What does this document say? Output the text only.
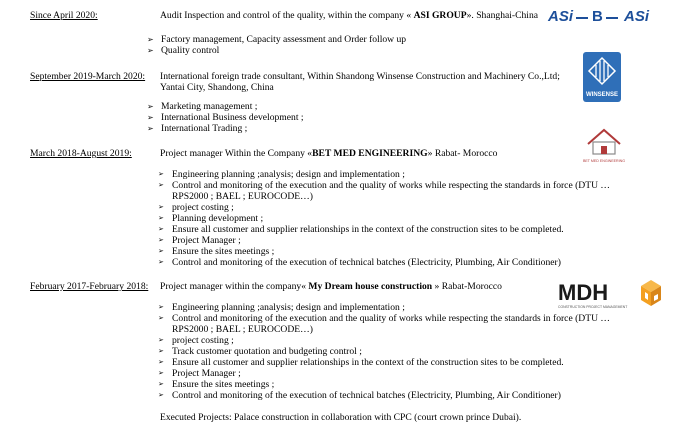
Since April 2020:	Audit Inspection and control of the quality, within the company « ASI GROUP». Shanghai-China
➢ Factory management, Capacity assessment and Order follow up
➢ Quality control
ASi B ASi
September 2019-March 2020: International foreign trade consultant, Within Shandong Winsense Construction and Machinery Co.,Ltd;
Yantai City, Shandong, China
➢ Marketing management ;
➢ International Business development ;
➢ International Trading ;
WINSENSE
March 2018-August 2019:	Project manager Within the Company «BET MED ENGINEERING» Rabat- Morocco
➢ Engineering planning ;analysis; design and implementation ;
➢ Control and monitoring of the execution and the quality of works while respecting the standards in force (DTU …
RPS2000 ; BAEL ; EUROCODE…)
➢ project costing ;
➢ Planning development ;
➢ Ensure all customer and supplier relationships in the context of the construction sites to be completed.
➢ Project Manager ;
➢ Ensure the sites meetings ;
➢ Control and monitoring of the execution of technical batches (Electricity, Plumbing, Air Conditioner)
BET MED ENGINEERING
February 2017-February 2018: Project manager within the company« My Dream house construction » Rabat-Morocco
➢ Engineering planning ;analysis; design and implementation ;
➢ Control and monitoring of the execution and the quality of works while respecting the standards in force (DTU …
RPS2000 ; BAEL ; EUROCODE…)
➢ project costing ;
➢ Track customer quotation and budgeting control ;
➢ Ensure all customer and supplier relationships in the context of the construction sites to be completed.
➢ Project Manager ;
➢ Ensure the sites meetings ;
➢ Control and monitoring of the execution of technical batches (Electricity, Plumbing, Air Conditioner)
Executed Projects: Palace construction in collaboration with CPC (court crown prince Dubai).
MDH
CONSTRUCTION PROJECT MANAGEMENT
